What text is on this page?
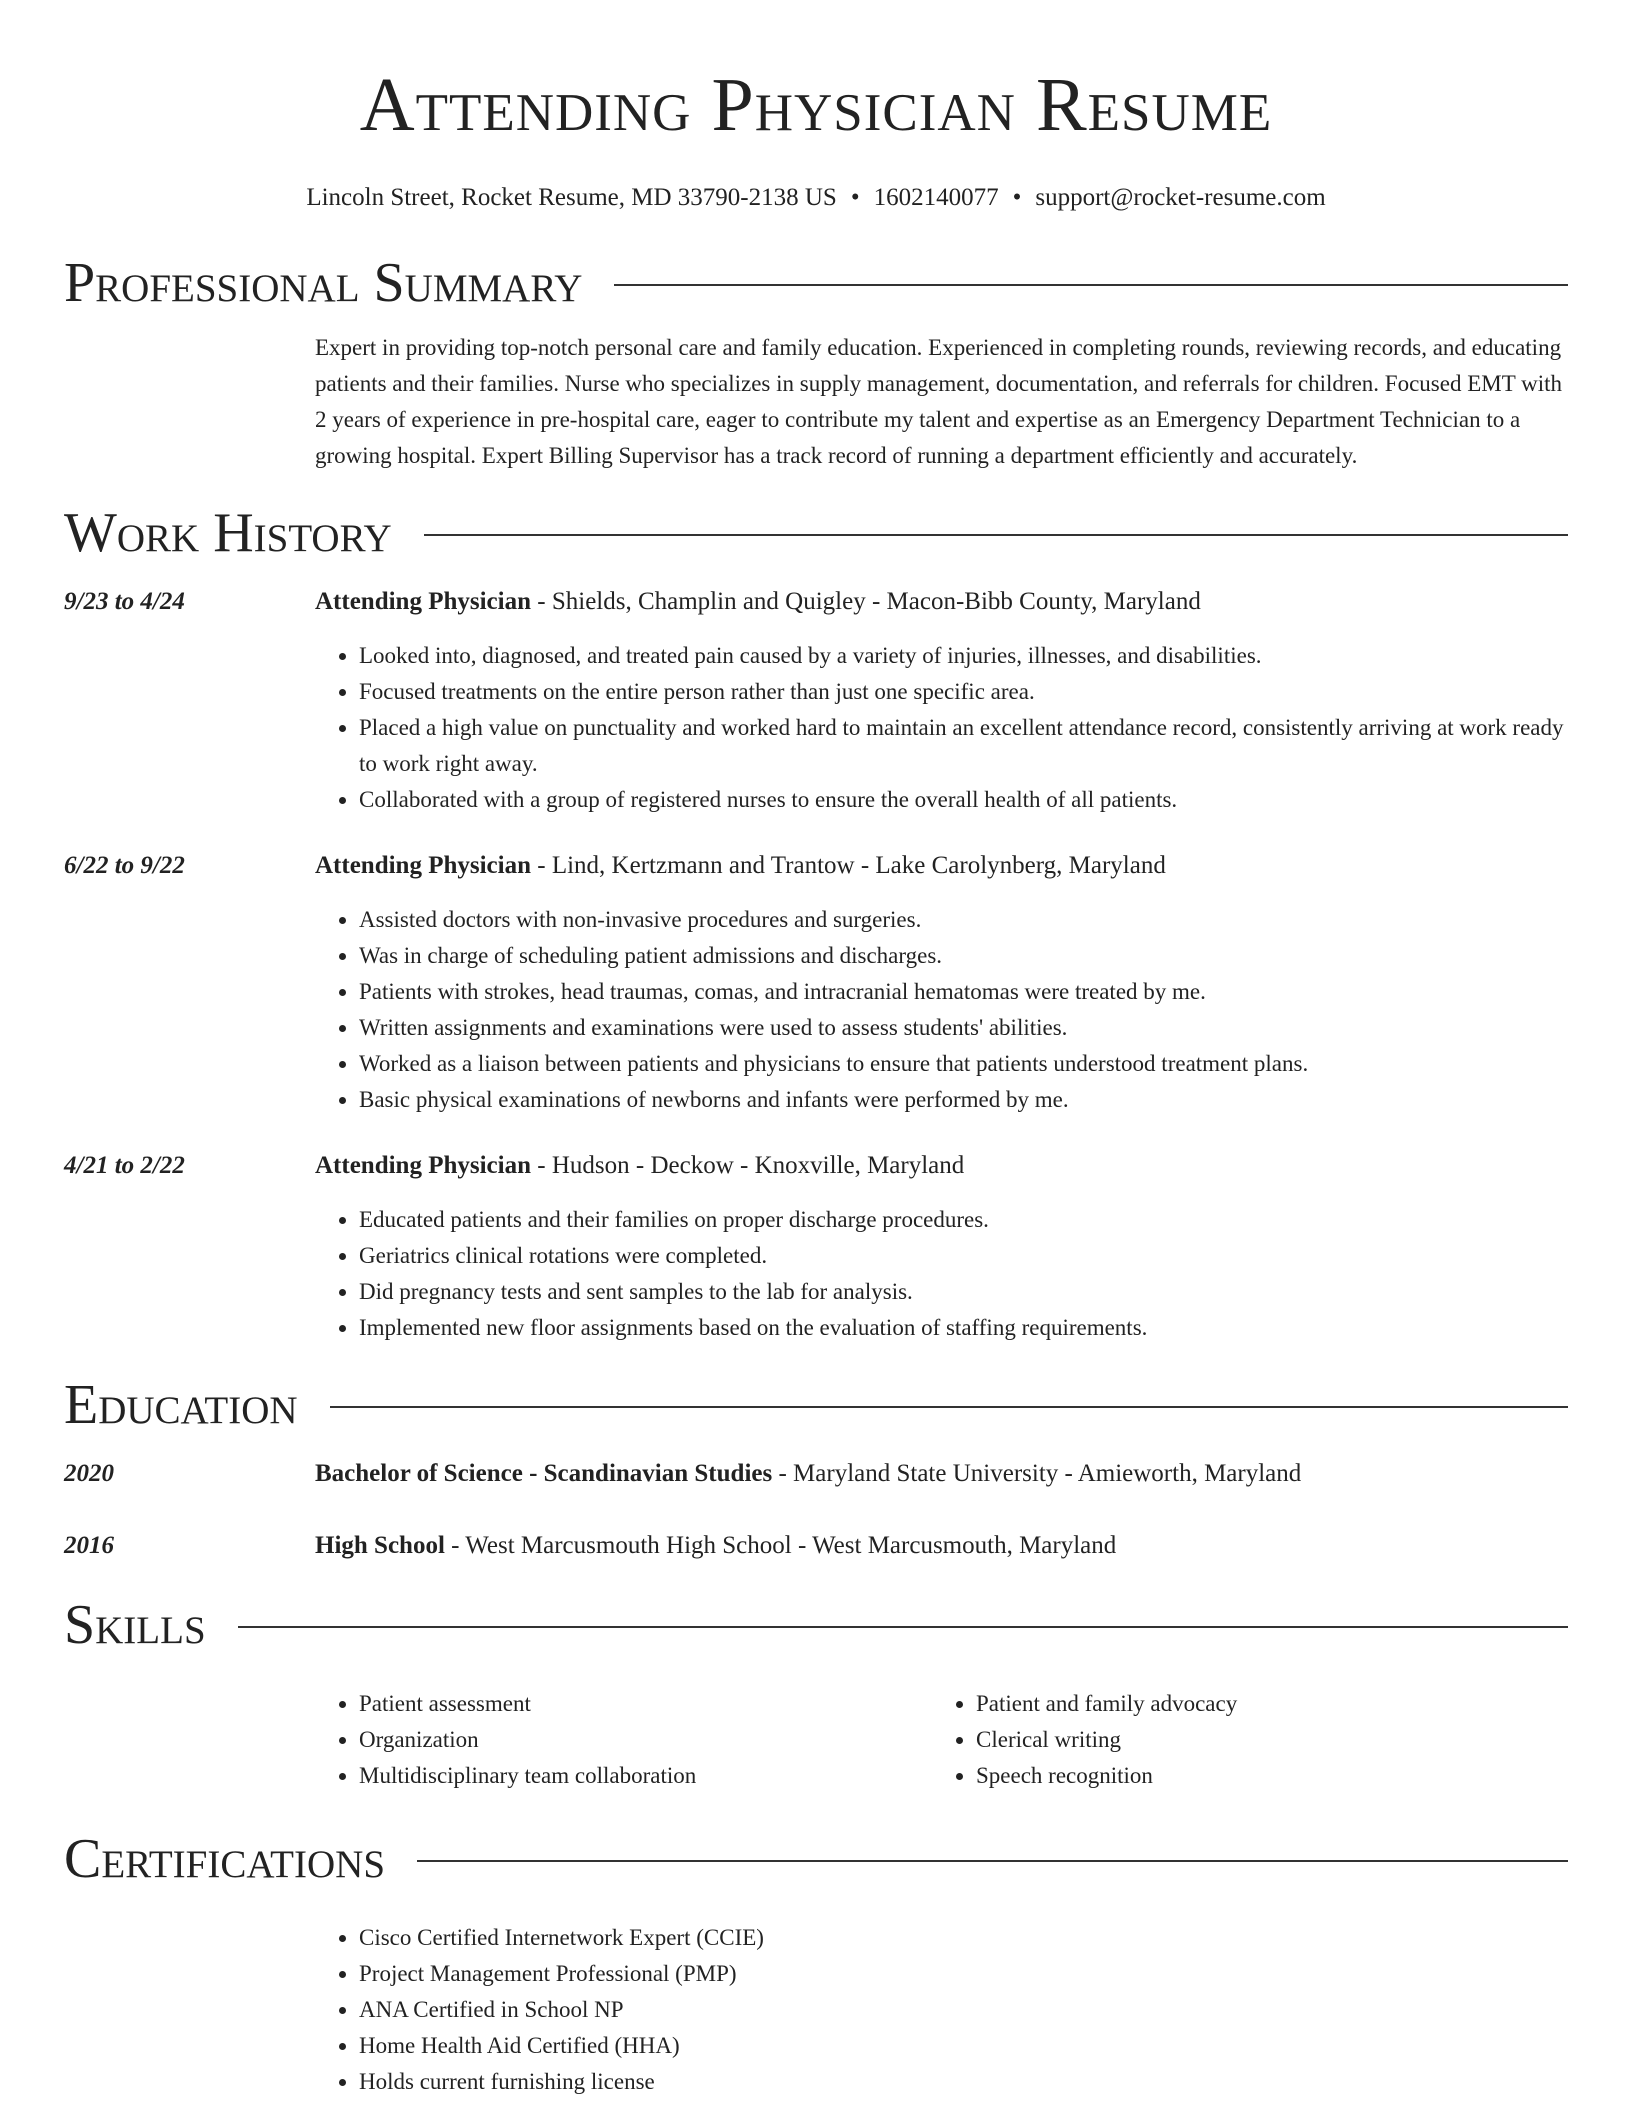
Attending Physician Resume
Lincoln Street, Rocket Resume, MD 33790-2138 US • 1602140077 • support@rocket-resume.com
Professional Summary
Expert in providing top-notch personal care and family education. Experienced in completing rounds, reviewing records, and educating patients and their families. Nurse who specializes in supply management, documentation, and referrals for children. Focused EMT with 2 years of experience in pre-hospital care, eager to contribute my talent and expertise as an Emergency Department Technician to a growing hospital. Expert Billing Supervisor has a track record of running a department efficiently and accurately.
Work History
9/23 to 4/24	Attending Physician - Shields, Champlin and Quigley - Macon-Bibb County, Maryland
• Looked into, diagnosed, and treated pain caused by a variety of injuries, illnesses, and disabilities.
• Focused treatments on the entire person rather than just one specific area.
• Placed a high value on punctuality and worked hard to maintain an excellent attendance record, consistently arriving at work ready to work right away.
• Collaborated with a group of registered nurses to ensure the overall health of all patients.
6/22 to 9/22	Attending Physician - Lind, Kertzmann and Trantow - Lake Carolynberg, Maryland
• Assisted doctors with non-invasive procedures and surgeries.
• Was in charge of scheduling patient admissions and discharges.
• Patients with strokes, head traumas, comas, and intracranial hematomas were treated by me.
• Written assignments and examinations were used to assess students' abilities.
• Worked as a liaison between patients and physicians to ensure that patients understood treatment plans.
• Basic physical examinations of newborns and infants were performed by me.
4/21 to 2/22	Attending Physician - Hudson - Deckow - Knoxville, Maryland
• Educated patients and their families on proper discharge procedures.
• Geriatrics clinical rotations were completed.
• Did pregnancy tests and sent samples to the lab for analysis.
• Implemented new floor assignments based on the evaluation of staffing requirements.
Education
2020	Bachelor of Science - Scandinavian Studies - Maryland State University - Amieworth, Maryland
2016	High School - West Marcusmouth High School - West Marcusmouth, Maryland
Skills
• Patient assessment
• Organization
• Multidisciplinary team collaboration
• Patient and family advocacy
• Clerical writing
• Speech recognition
Certifications
• Cisco Certified Internetwork Expert (CCIE)
• Project Management Professional (PMP)
• ANA Certified in School NP
• Home Health Aid Certified (HHA)
• Holds current furnishing license
